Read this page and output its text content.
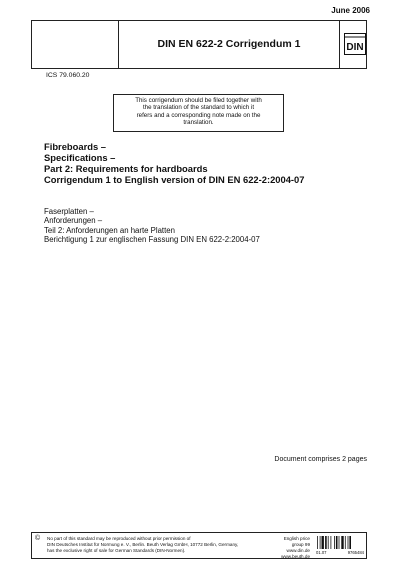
June 2006
DIN EN 622-2 Corrigendum 1	DIN
ICS 79.060.20
This corrigendum should be filed together with
the translation of the standard to which it
refers and a corresponding note made on the
translation.
Fibreboards –
Specifications –
Part 2: Requirements for hardboards
Corrigendum 1 to English version of DIN EN 622-2:2004-07
Faserplatten –
Anforderungen –
Teil 2: Anforderungen an harte Platten
Berichtigung 1 zur englischen Fassung DIN EN 622-2:2004-07
Document comprises 2 pages
© No part of this standard may be reproduced without prior permission of
DIN Deutsches Institut für Normung e. V., Berlin. Beuth Verlag GmbH, 10772 Berlin, Germany,
has the exclusive right of sale for German Standards (DIN-Normen).
English price group 99
www.din.de
www.beuth.de
01.07	9765484
